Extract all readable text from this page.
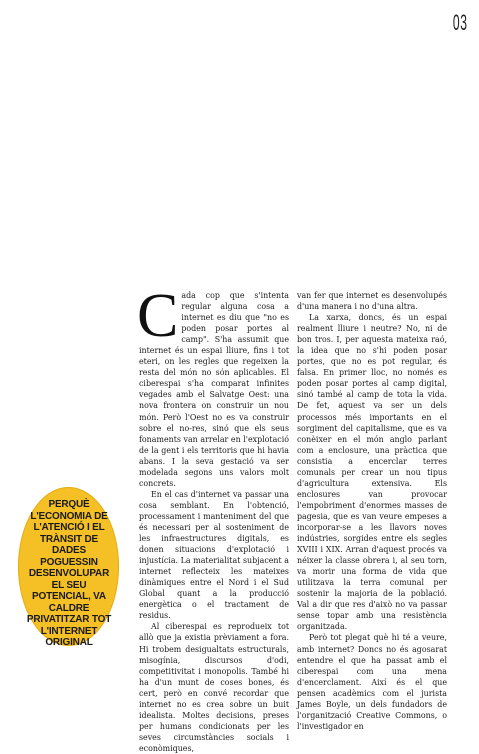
03
PERQUÈ L'ECONOMIA DE L'ATENCIÓ I EL TRÀNSIT DE DADES POGUESSIN DESENVOLUPAR EL SEU POTENCIAL, VA CALDRE PRIVATITZAR TOT L'INTERNET ORIGINAL

Cada cop que s'intenta regular alguna cosa a internet es diu que "no es poden posar portes al camp". S'ha assumit que internet és un espai lliure, fins i tot eteri, on les regles que regeixen la resta del món no són aplicables. El ciberespai s'ha comparat infinites vegades amb el Salvatge Oest: una nova frontera on construir un nou món. Però l'Oest no es va construir sobre el no-res, sinó que els seus fonaments van arrelar en l'explotació de la gent i els territoris que hi havia abans. I la seva gestació va ser modelada segons uns valors molt concrets.

En el cas d'internet va passar una cosa semblant. En l'obtenció, processament i manteniment del que és necessari per al sosteniment de les infraestructures digitals, es donen situacions d'explotació i injustícia. La materialitat subjacent a internet reflecteix les mateixes dinàmiques entre el Nord i el Sud Global quant a la producció energètica o el tractament de residus.

Al ciberespai es reprodueix tot allò que ja existia prèviament a fora. Hi trobem desigualtats estructurals, misogínia, discursos d'odi, competitivitat i monopolis. També hi ha d'un munt de coses bones, és cert, però en convé recordar que internet no es crea sobre un buit idealista. Moltes decisions, preses per humans condicionats per les seves circumstàncies socials i econòmiques,

van fer que internet es desenvolupés d'una manera i no d'una altra.

La xarxa, doncs, és un espai realment lliure i neutre? No, ni de bon tros. I, per aquesta mateixa raó, la idea que no s'hi poden posar portes, que no es pot regular, és falsa. En primer lloc, no només es poden posar portes al camp digital, sinó també al camp de tota la vida. De fet, aquest va ser un dels processos més importants en el sorgiment del capitalisme, que es va conèixer en el món anglo parlant com a enclosure, una pràctica que consistia a encerclar terres comunals per crear un nou tipus d'agricultura extensiva. Els enclosures van provocar l'empobriment d'enormes masses de pagesia, que es van veure empeses a incorporar-se a les llavors noves indústries, sorgides entre els segles XVIII i XIX. Arran d'aquest procés va néixer la classe obrera i, al seu torn, va morir una forma de vida que utilitzava la terra comunal per sostenir la majoria de la població. Val a dir que res d'això no va passar sense topar amb una resistència organitzada.

Però tot plegat què hi té a veure, amb internet? Doncs no és agosarat entendre el que ha passat amb el ciberespai com una mena d'encerclament. Així és el que pensen acadèmics com el jurista James Boyle, un dels fundadors de l'organització Creative Commons, o l'investigador en
